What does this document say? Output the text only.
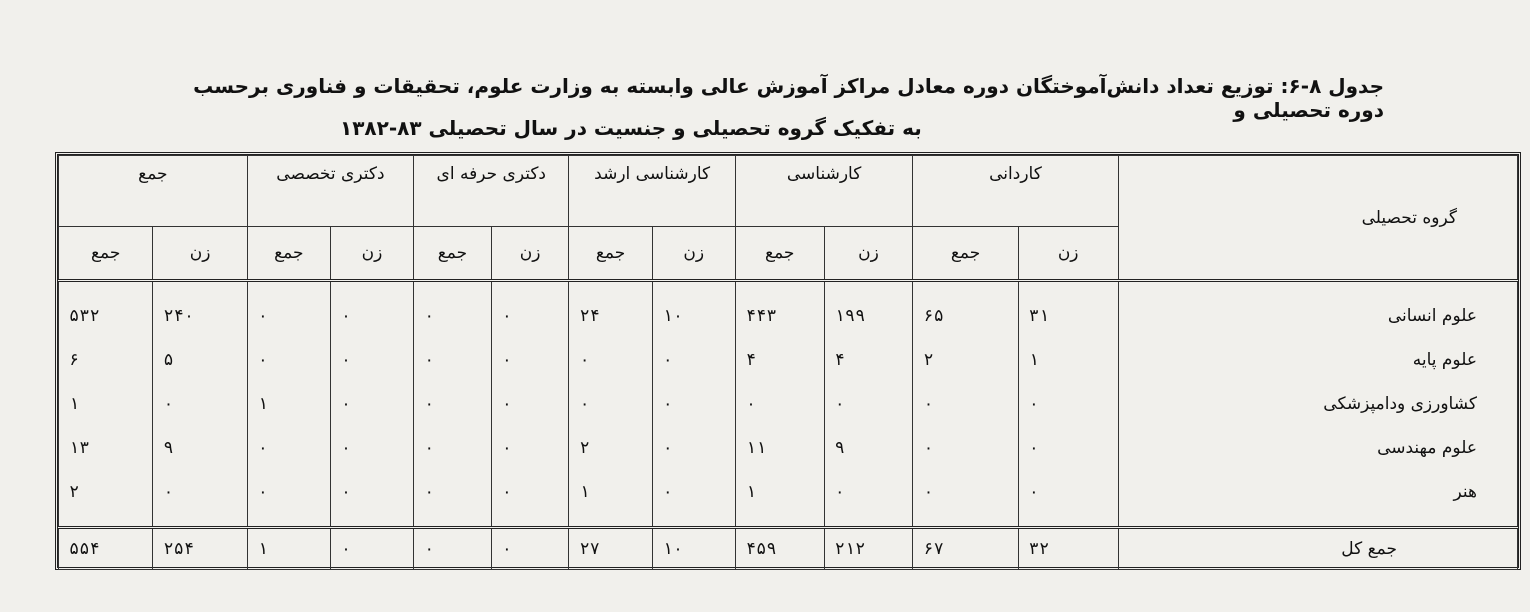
جدول ۸-۶: توزیع تعداد دانش‌آموختگان دوره معادل مراکز آموزش عالی وابسته به وزارت علوم، تحقیقات و فناوری برحسب دوره تحصیلی و
به تفکیک گروه تحصیلی و جنسیت در سال تحصیلی ۸۳-۱۳۸۲
گروه تحصیلی	کاردانی		کارشناسی		کارشناسی ارشد		دکتری حرفه ای		دکتری تخصصی		جمع	
	زن	جمع	زن	جمع	زن	جمع	زن	جمع	زن	جمع	زن	جمع

علوم انسانی	۳۱	۶۵	۱۹۹	۴۴۳	۱۰	۲۴	۰	۰	۰	۰	۲۴۰	۵۳۲
علوم پایه	۱	۲	۴	۴	۰	۰	۰	۰	۰	۰	۵	۶
کشاورزی ودامپزشکی	۰	۰	۰	۰	۰	۰	۰	۰	۰	۱	۰	۱
علوم مهندسی	۰	۰	۹	۱۱	۰	۲	۰	۰	۰	۰	۹	۱۳
هنر	۰	۰	۰	۱	۰	۱	۰	۰	۰	۰	۰	۲

جمع کل	۳۲	۶۷	۲۱۲	۴۵۹	۱۰	۲۷	۰	۰	۰	۱	۲۵۴	۵۵۴
